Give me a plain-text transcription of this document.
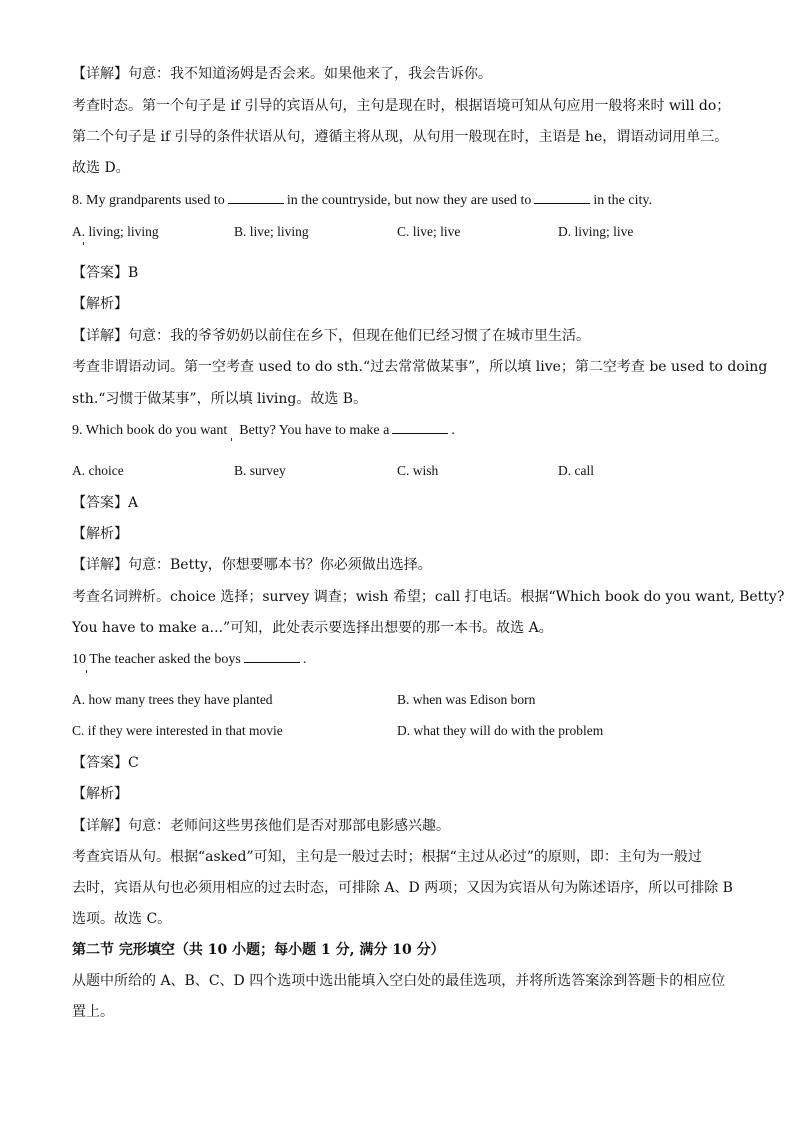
【详解】句意：我不知道汤姆是否会来。如果他来了，我会告诉你。
考查时态。第一个句子是 if 引导的宾语从句，主句是现在时，根据语境可知从句应用一般将来时 will do；
第二个句子是 if 引导的条件状语从句，遵循主将从现，从句用一般现在时，主语是 he，谓语动词用单三。
故选 D。
8. My grandparents used to	in the countryside, but now they are used to	in the city.
A. living; living	B. live; living	C. live; live	D. living; live
【答案】B
【解析】
【详解】句意：我的爷爷奶奶以前住在乡下，但现在他们已经习惯了在城市里生活。
考查非谓语动词。第一空考查 used to do sth.“过去常常做某事”，所以填 live；第二空考查 be used to doing
sth.“习惯于做某事”，所以填 living。故选 B。
9. Which book do you want Betty? You have to make a	.
A. choice	B. survey	C. wish	D. call
【答案】A
【解析】
【详解】句意：Betty，你想要哪本书？你必须做出选择。
考查名词辨析。choice 选择；survey 调查；wish 希望；call 打电话。根据“Which book do you want, Betty?
You have to make a...”可知，此处表示要选择出想要的那一本书。故选 A。
10 The teacher asked the boys	.
A. how many trees they have planted	B. when was Edison born
C. if they were interested in that movie	D. what they will do with the problem
【答案】C
【解析】
【详解】句意：老师问这些男孩他们是否对那部电影感兴趣。
考查宾语从句。根据“asked”可知，主句是一般过去时；根据“主过从必过”的原则，即：主句为一般过
去时，宾语从句也必须用相应的过去时态，可排除 A、D 两项；又因为宾语从句为陈述语序，所以可排除 B
选项。故选 C。
第二节 完形填空（共 10 小题；每小题 1 分, 满分 10 分）
从题中所给的 A、B、C、D 四个选项中选出能填入空白处的最佳选项，并将所选答案涂到答题卡的相应位
置上。
